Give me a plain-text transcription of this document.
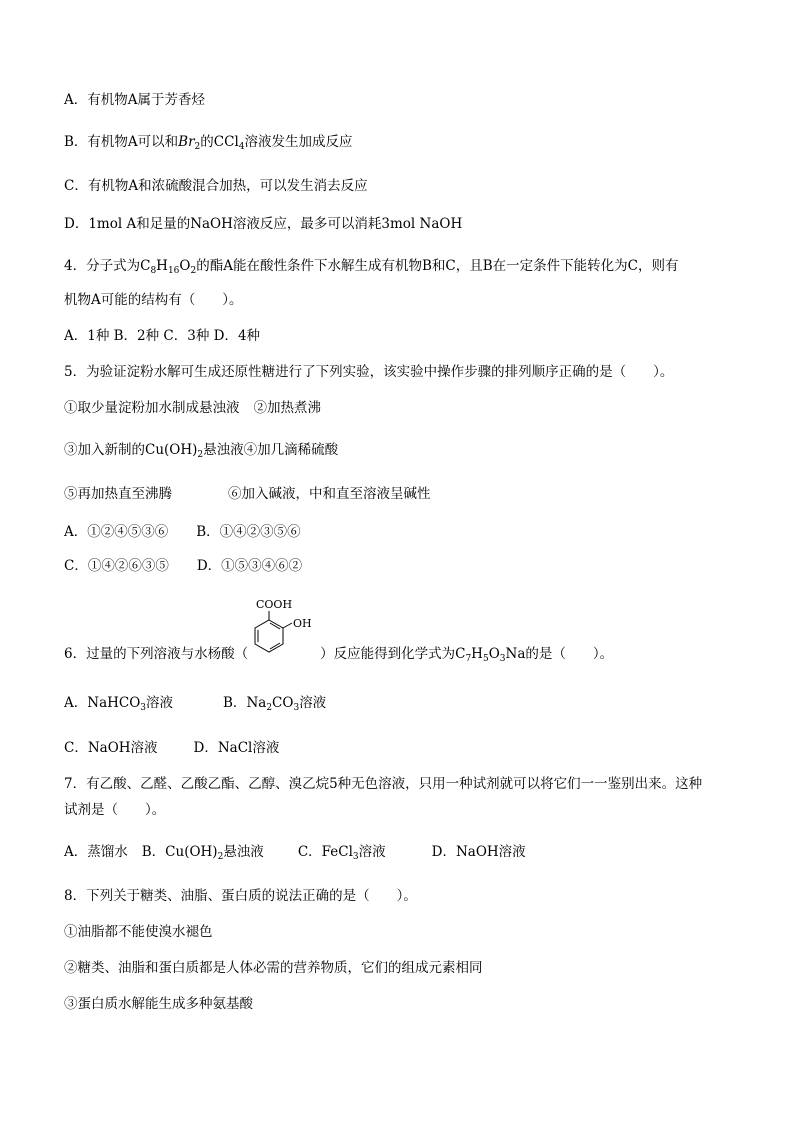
A．有机物A属于芳香烃
B．有机物A可以和$Br_2$的CCl$_4$溶液发生加成反应
C．有机物A和浓硫酸混合加热，可以发生消去反应
D．1mol A和足量的NaOH溶液反应，最多可以消耗3mol NaOH
4．分子式为$C_8H_{16}O_2$的酯A能在酸性条件下水解生成有机物B和C，且B在一定条件下能转化为C，则有
机物A可能的结构有（　　）。
A．1种 B．2种 C．3种 D．4种
5．为验证淀粉水解可生成还原性糖进行了下列实验，该实验中操作步骤的排列顺序正确的是（　　）。
①取少量淀粉加水制成悬浊液 ②加热煮沸
③加入新制的$Cu(OH)_2$悬浊液④加几滴稀硫酸
⑤再加热直至沸腾	⑥加入碱液，中和直至溶液呈碱性
A．①②④⑤③⑥ B．①④②③⑤⑥
C．①④②⑥③⑤ D．①⑤③④⑥②
COOH
OH
6．过量的下列溶液与水杨酸（	）反应能得到化学式为$C_7H_5O_3Na$的是（　　）。
A．NaHCO$_3$溶液	B．$Na_2CO_3$溶液
C．NaOH溶液	D．NaCl溶液
7．有乙酸、乙醛、乙酸乙酯、乙醇、溴乙烷5种无色溶液，只用一种试剂就可以将它们一一鉴别出来。这种
试剂是（　　）。
A．蒸馏水 B．$Cu(OH)_2$悬浊液	C．FeCl$_3$溶液	D．NaOH溶液
8．下列关于糖类、油脂、蛋白质的说法正确的是（　　）。
①油脂都不能使溴水褪色
②糖类、油脂和蛋白质都是人体必需的营养物质，它们的组成元素相同
③蛋白质水解能生成多种氨基酸
